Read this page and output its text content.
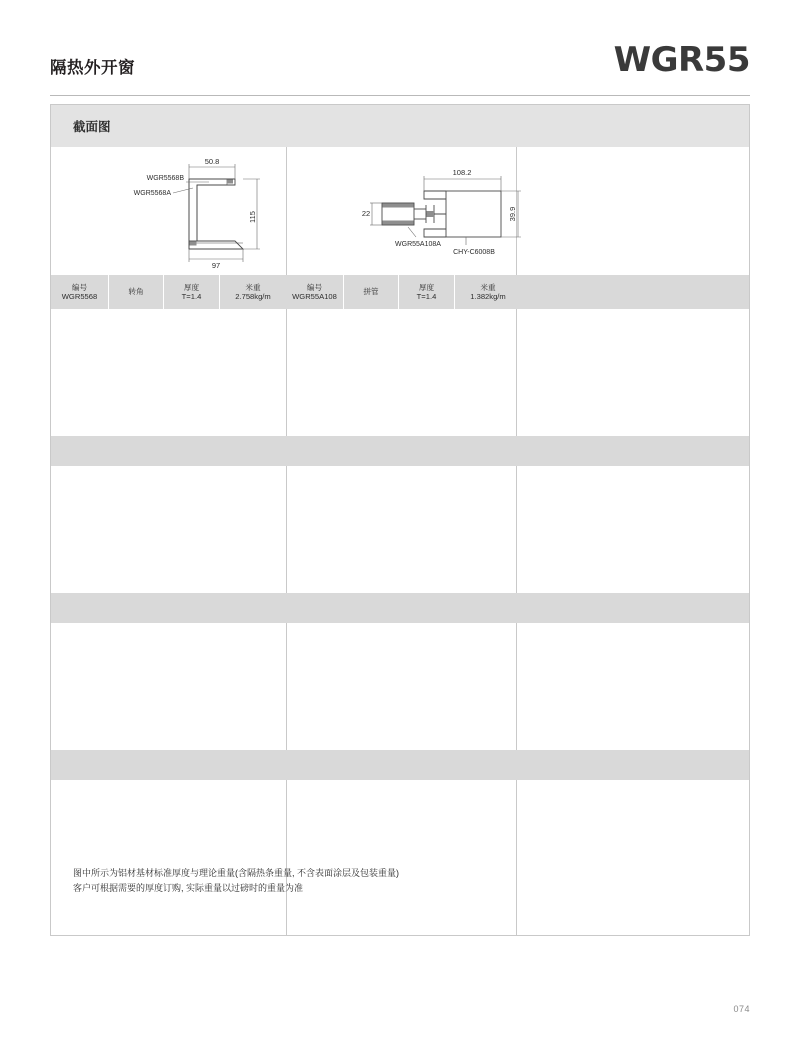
隔热外开窗	WGR55
截面图
50.8
115
97
WGR5568B
WGR5568A
108.2
39.9
22
WGR55A108A
CHY-C6008B
编号
WGR5568
转角
厚度
T=1.4
米重
2.758kg/m
编号
WGR55A108
拼管
厚度
T=1.4
米重
1.382kg/m
图中所示为铝材基材标准厚度与理论重量(含隔热条重量, 不含表面涂层及包装重量)
客户可根据需要的厚度订购, 实际重量以过磅时的重量为准
074
